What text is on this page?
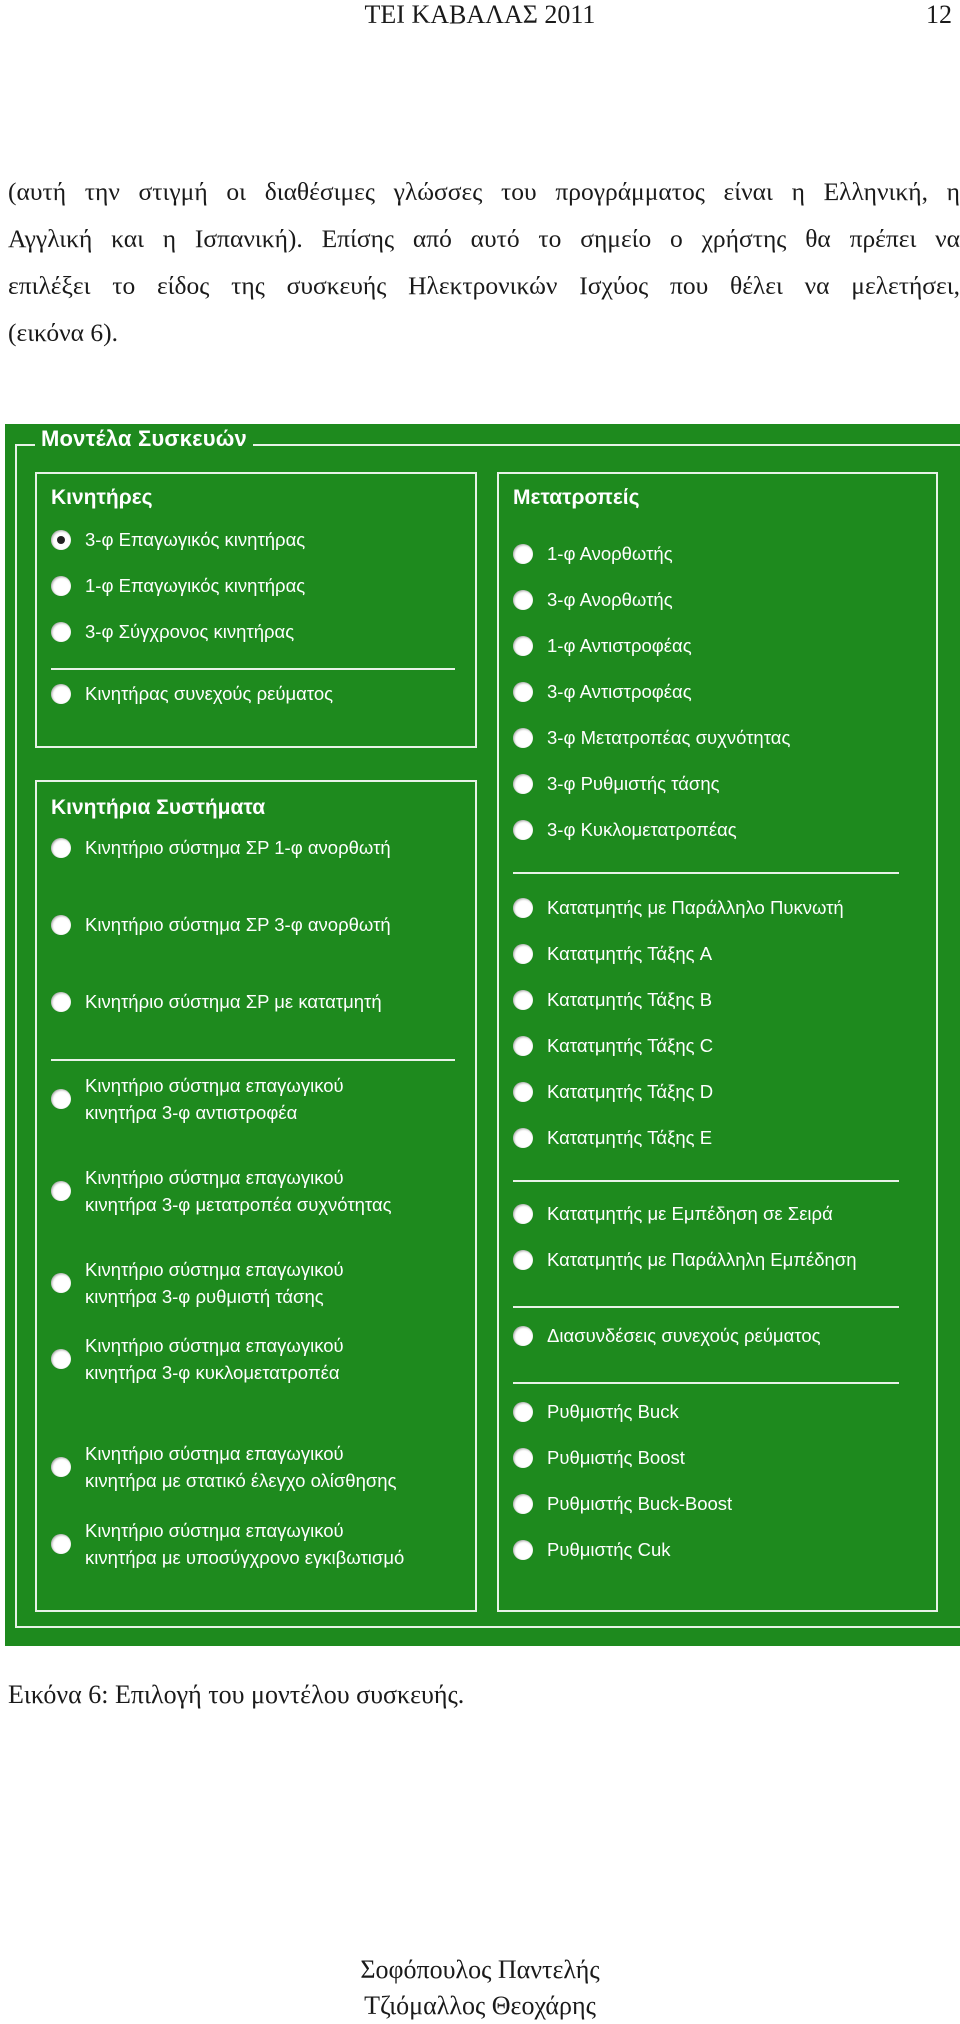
ΤΕΙ ΚΑΒΑΛΑΣ 2011	12
(αυτή την στιγμή οι διαθέσιμες γλώσσες του προγράμματος είναι η Ελληνική, η
Αγγλική και η Ισπανική). Επίσης από αυτό το σημείο ο χρήστης θα πρέπει να
επιλέξει το είδος της συσκευής Ηλεκτρονικών Ισχύος που θέλει να μελετήσει,
(εικόνα 6).
Μοντέλα Συσκευών
Κινητήρες
Κινητήρια Συστήματα
Μετατροπείς
3-φ Επαγωγικός κινητήρας
1-φ Επαγωγικός κινητήρας
3-φ Σύγχρονος κινητήρας
Κινητήρας συνεχούς ρεύματος
Κινητήριο σύστημα ΣΡ 1-φ ανορθωτή
Κινητήριο σύστημα ΣΡ 3-φ ανορθωτή
Κινητήριο σύστημα ΣΡ με κατατμητή
Κινητήριο σύστημα επαγωγικού
κινητήρα 3-φ αντιστροφέα
Κινητήριο σύστημα επαγωγικού
κινητήρα 3-φ μετατροπέα συχνότητας
Κινητήριο σύστημα επαγωγικού
κινητήρα 3-φ ρυθμιστή τάσης
Κινητήριο σύστημα επαγωγικού
κινητήρα 3-φ κυκλομετατροπέα
Κινητήριο σύστημα επαγωγικού
κινητήρα με στατικό έλεγχο ολίσθησης
Κινητήριο σύστημα επαγωγικού
κινητήρα με υποσύγχρονο εγκιβωτισμό
1-φ Ανορθωτής
3-φ Ανορθωτής
1-φ Αντιστροφέας
3-φ Αντιστροφέας
3-φ Μετατροπέας συχνότητας
3-φ Ρυθμιστής τάσης
3-φ Κυκλομετατροπέας
Κατατμητής με Παράλληλο Πυκνωτή
Κατατμητής Τάξης A
Κατατμητής Τάξης B
Κατατμητής Τάξης C
Κατατμητής Τάξης D
Κατατμητής Τάξης E
Κατατμητής με Εμπέδηση σε Σειρά
Κατατμητής με Παράλληλη Εμπέδηση
Διασυνδέσεις συνεχούς ρεύματος
Ρυθμιστής Buck
Ρυθμιστής Boost
Ρυθμιστής Buck-Boost
Ρυθμιστής Cuk
Εικόνα 6: Επιλογή του μοντέλου συσκευής.
Σοφόπουλος Παντελής
Τζιόμαλλος Θεοχάρης
